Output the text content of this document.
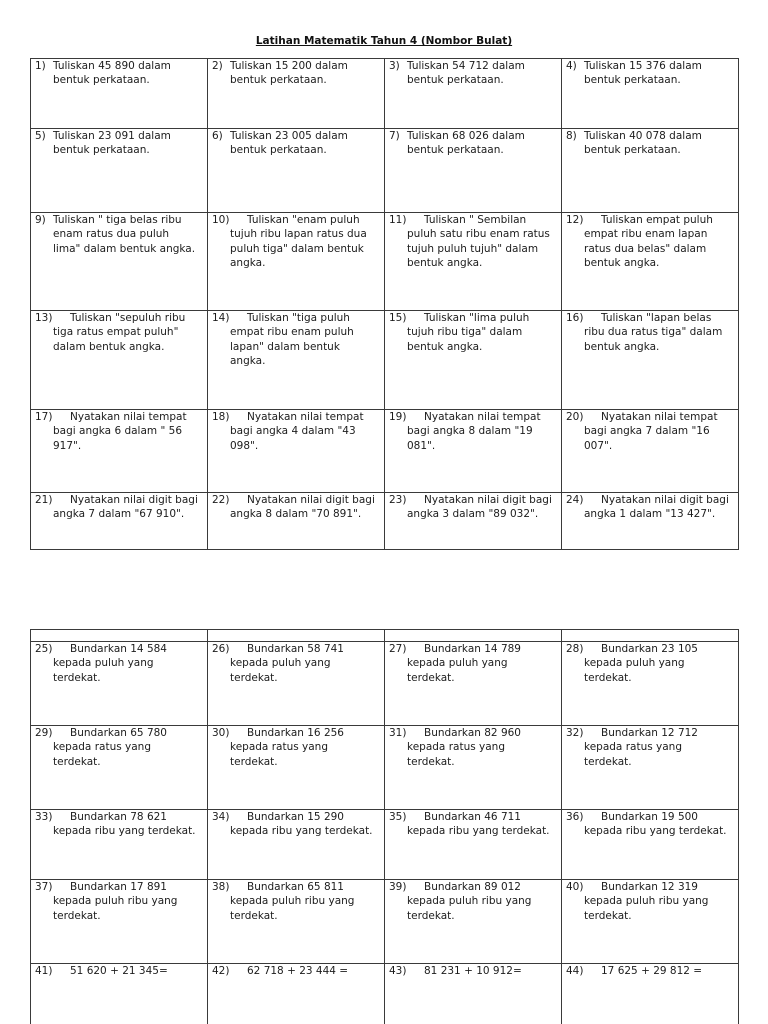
Latihan Matematik Tahun 4 (Nombor Bulat)
1) Tuliskan 45 890 dalam
bentuk perkataan.
2) Tuliskan 15 200 dalam
bentuk perkataan.
3) Tuliskan 54 712 dalam
bentuk perkataan.
4) Tuliskan 15 376 dalam
bentuk perkataan.
5) Tuliskan 23 091 dalam
bentuk perkataan.
6) Tuliskan 23 005 dalam
bentuk perkataan.
7) Tuliskan 68 026 dalam
bentuk perkataan.
8) Tuliskan 40 078 dalam
bentuk perkataan.
9) Tuliskan " tiga belas ribu
enam ratus dua puluh
lima" dalam bentuk angka.
10) Tuliskan "enam puluh
tujuh ribu lapan ratus dua
puluh tiga" dalam bentuk
angka.
11) Tuliskan " Sembilan
puluh satu ribu enam ratus
tujuh puluh tujuh" dalam
bentuk angka.
12) Tuliskan empat puluh
empat ribu enam lapan
ratus dua belas" dalam
bentuk angka.
13) Tuliskan "sepuluh ribu
tiga ratus empat puluh"
dalam bentuk angka.
14) Tuliskan "tiga puluh
empat ribu enam puluh
lapan" dalam bentuk
angka.
15) Tuliskan "lima puluh
tujuh ribu tiga" dalam
bentuk angka.
16) Tuliskan "lapan belas
ribu dua ratus tiga" dalam
bentuk angka.
17) Nyatakan nilai tempat
bagi angka 6 dalam " 56
917".
18) Nyatakan nilai tempat
bagi angka 4 dalam "43
098".
19) Nyatakan nilai tempat
bagi angka 8 dalam "19
081".
20) Nyatakan nilai tempat
bagi angka 7 dalam "16
007".
21) Nyatakan nilai digit bagi
angka 7 dalam "67 910".
22) Nyatakan nilai digit bagi
angka 8 dalam "70 891".
23) Nyatakan nilai digit bagi
angka 3 dalam "89 032".
24) Nyatakan nilai digit bagi
angka 1 dalam "13 427".
25) Bundarkan 14 584
kepada puluh yang
terdekat.
26) Bundarkan 58 741
kepada puluh yang
terdekat.
27) Bundarkan 14 789
kepada puluh yang
terdekat.
28) Bundarkan 23 105
kepada puluh yang
terdekat.
29) Bundarkan 65 780
kepada ratus yang
terdekat.
30) Bundarkan 16 256
kepada ratus yang
terdekat.
31) Bundarkan 82 960
kepada ratus yang
terdekat.
32) Bundarkan 12 712
kepada ratus yang
terdekat.
33) Bundarkan 78 621
kepada ribu yang terdekat.
34) Bundarkan 15 290
kepada ribu yang terdekat.
35) Bundarkan 46 711
kepada ribu yang terdekat.
36) Bundarkan 19 500
kepada ribu yang terdekat.
37) Bundarkan 17 891
kepada puluh ribu yang
terdekat.
38) Bundarkan 65 811
kepada puluh ribu yang
terdekat.
39) Bundarkan 89 012
kepada puluh ribu yang
terdekat.
40) Bundarkan 12 319
kepada puluh ribu yang
terdekat.
41) 51 620 + 21 345=	42) 62 718 + 23 444 =	43) 81 231 + 10 912=	44) 17 625 + 29 812 =
